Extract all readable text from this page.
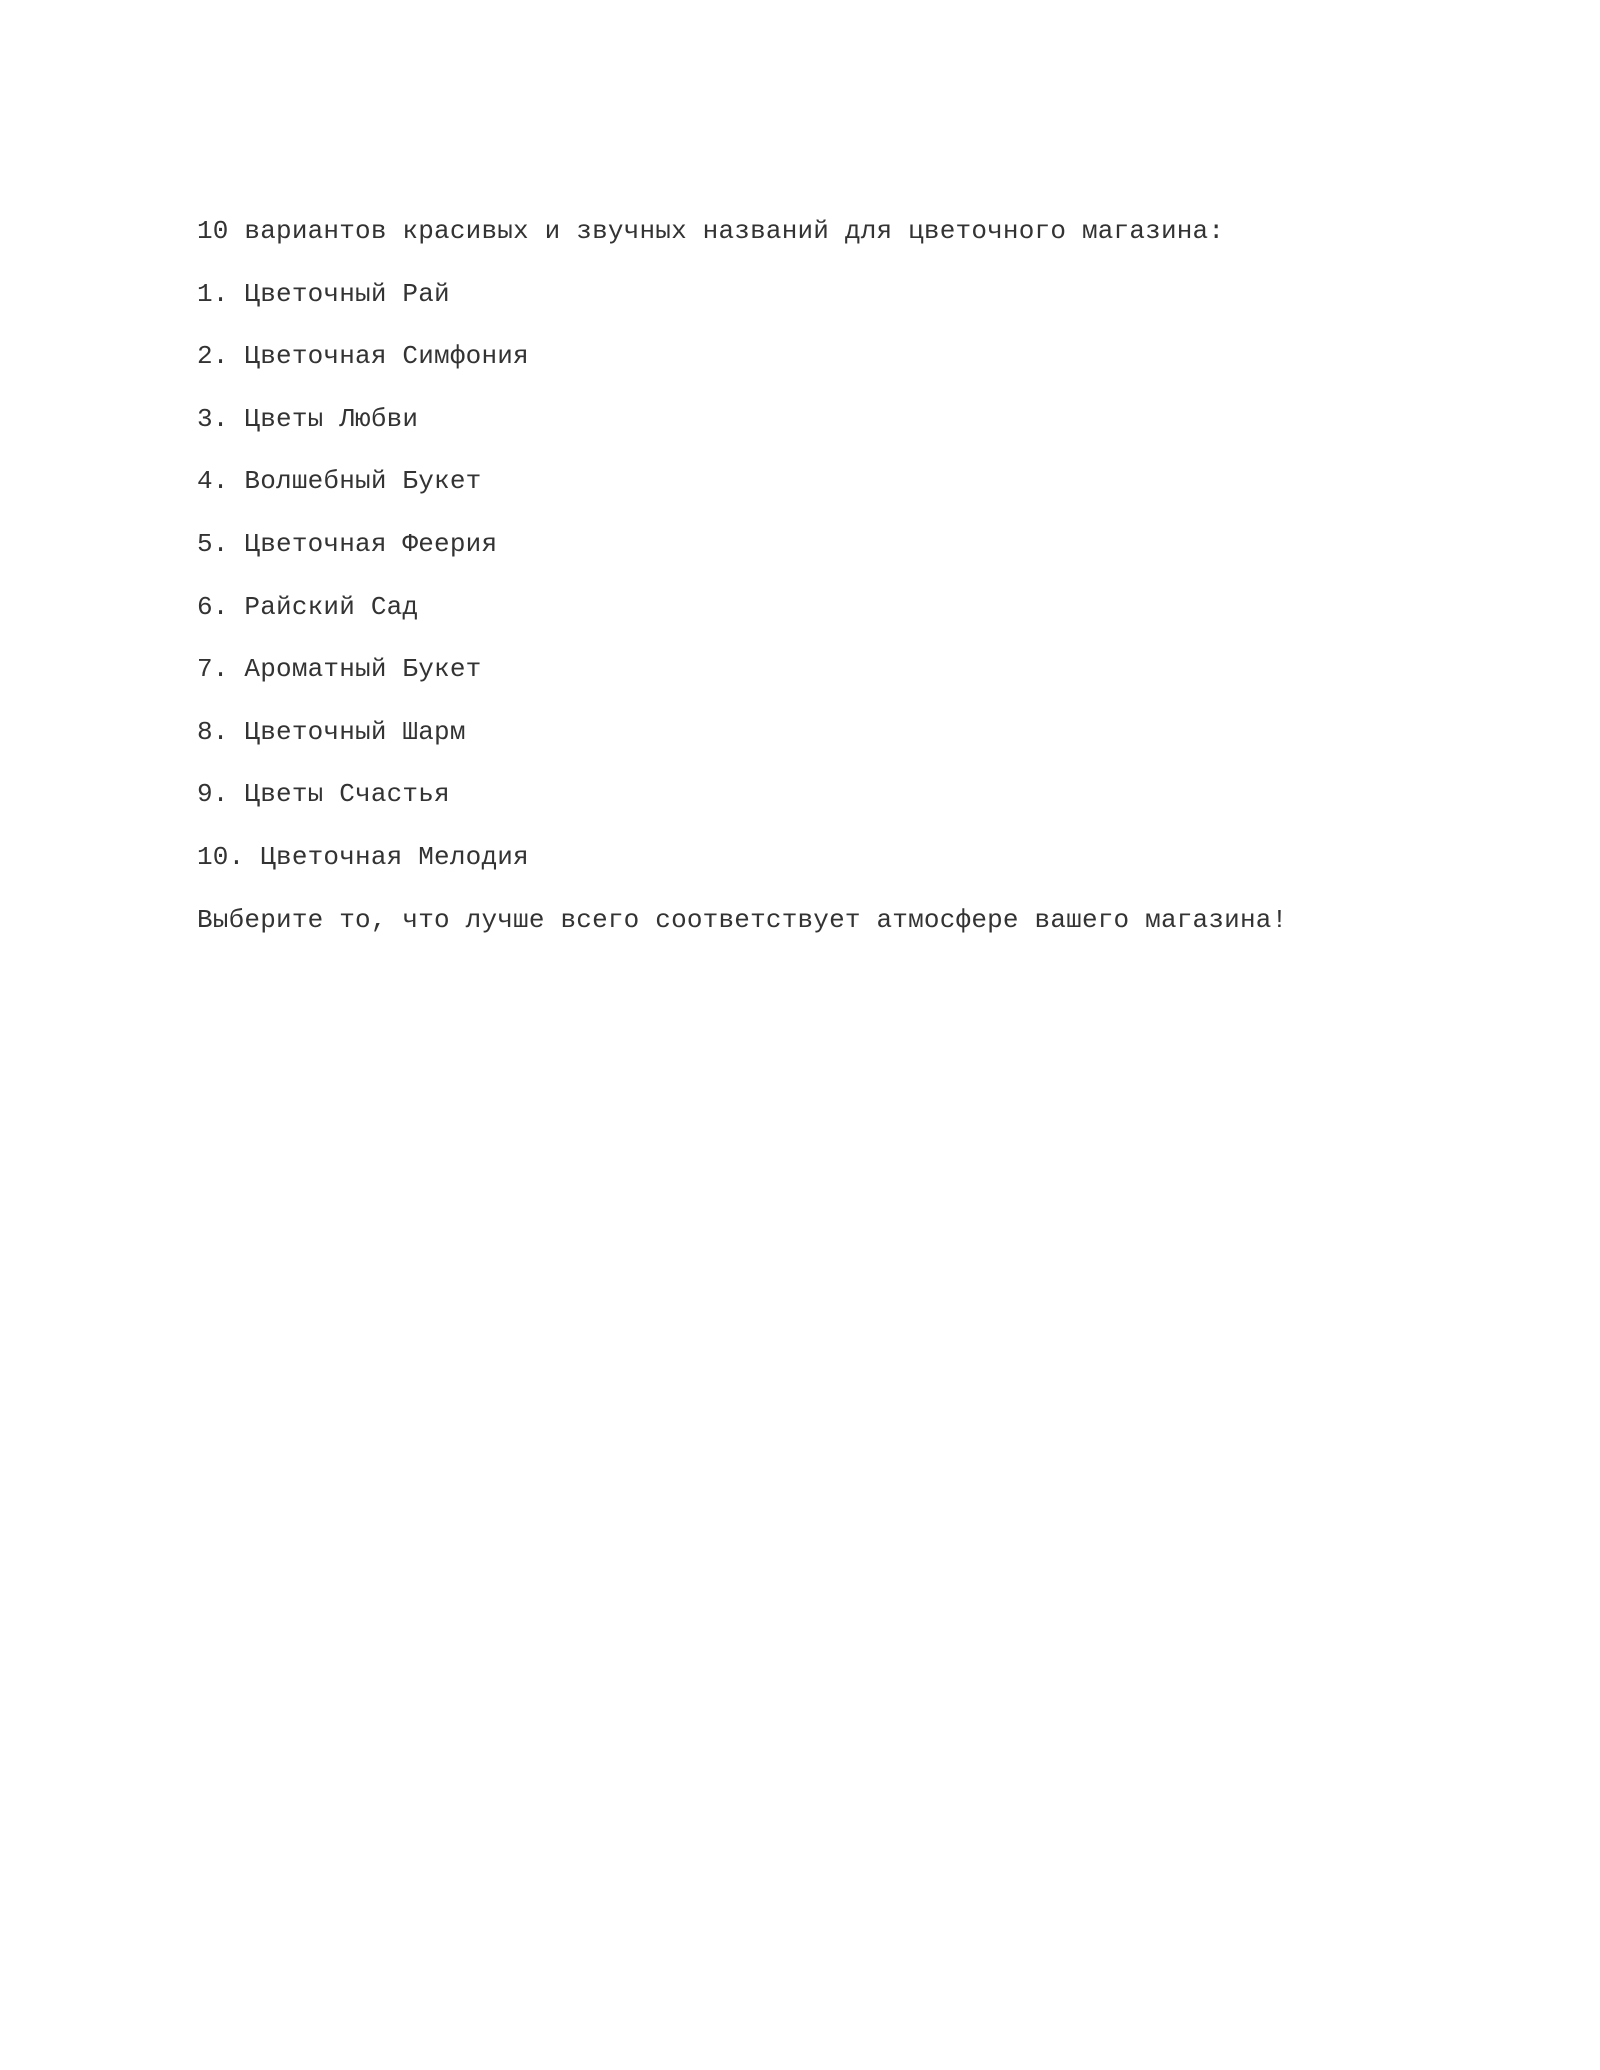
10 вариантов красивых и звучных названий для цветочного магазина:

1. Цветочный Рай
2. Цветочная Симфония
3. Цветы Любви
4. Волшебный Букет
5. Цветочная Феерия
6. Райский Сад
7. Ароматный Букет
8. Цветочный Шарм
9. Цветы Счастья
10. Цветочная Мелодия

Выберите то, что лучше всего соответствует атмосфере вашего магазина!
